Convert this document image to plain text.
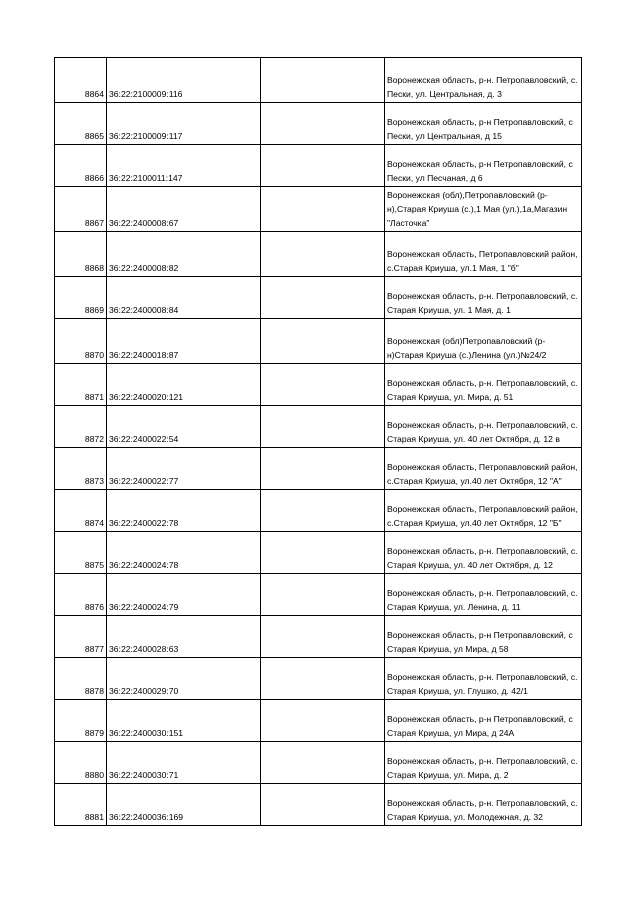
8864	36:22:2100009:116		Воронежская область, р-н. Петропавловский, с. Пески, ул. Центральная, д. 3
8865	36:22:2100009:117		Воронежская область, р-н Петропавловский, с Пески, ул Центральная, д 15
8866	36:22:2100011:147		Воронежская область, р-н Петропавловский, с Пески, ул Песчаная, д 6
8867	36:22:2400008:67		Воронежская (обл),Петропавловский (р-н),Старая Криуша (с.),1 Мая (ул.),1а,Магазин "Ласточка"
8868	36:22:2400008:82		Воронежская область, Петропавловский район, с.Старая Криуша, ул.1 Мая, 1 "б"
8869	36:22:2400008:84		Воронежская область, р-н. Петропавловский, с. Старая Криуша, ул. 1 Мая, д. 1
8870	36:22:2400018:87		Воронежская (обл)Петропавловский (р-н)Старая Криуша (с.)Ленина (ул.)№24/2
8871	36:22:2400020:121		Воронежская область, р-н. Петропавловский, с. Старая Криуша, ул. Мира, д. 51
8872	36:22:2400022:54		Воронежская область, р-н. Петропавловский, с. Старая Криуша, ул. 40 лет Октября, д. 12 в
8873	36:22:2400022:77		Воронежская область, Петропавловский район, с.Старая Криуша, ул.40 лет Октября, 12 "А"
8874	36:22:2400022:78		Воронежская область, Петропавловский район, с.Старая Криуша, ул.40 лет Октября, 12 "Б"
8875	36:22:2400024:78		Воронежская область, р-н. Петропавловский, с. Старая Криуша, ул. 40 лет Октября, д. 12
8876	36:22:2400024:79		Воронежская область, р-н. Петропавловский, с. Старая Криуша, ул. Ленина, д. 11
8877	36:22:2400028:63		Воронежская область, р-н Петропавловский, с Старая Криуша, ул Мира, д 58
8878	36:22:2400029:70		Воронежская область, р-н. Петропавловский, с. Старая Криуша, ул. Глушко, д. 42/1
8879	36:22:2400030:151		Воронежская область, р-н Петропавловский, с Старая Криуша, ул Мира, д 24А
8880	36:22:2400030:71		Воронежская область, р-н. Петропавловский, с. Старая Криуша, ул. Мира, д. 2
8881	36:22:2400036:169		Воронежская область, р-н. Петропавловский, с. Старая Криуша, ул. Молодежная, д. 32
